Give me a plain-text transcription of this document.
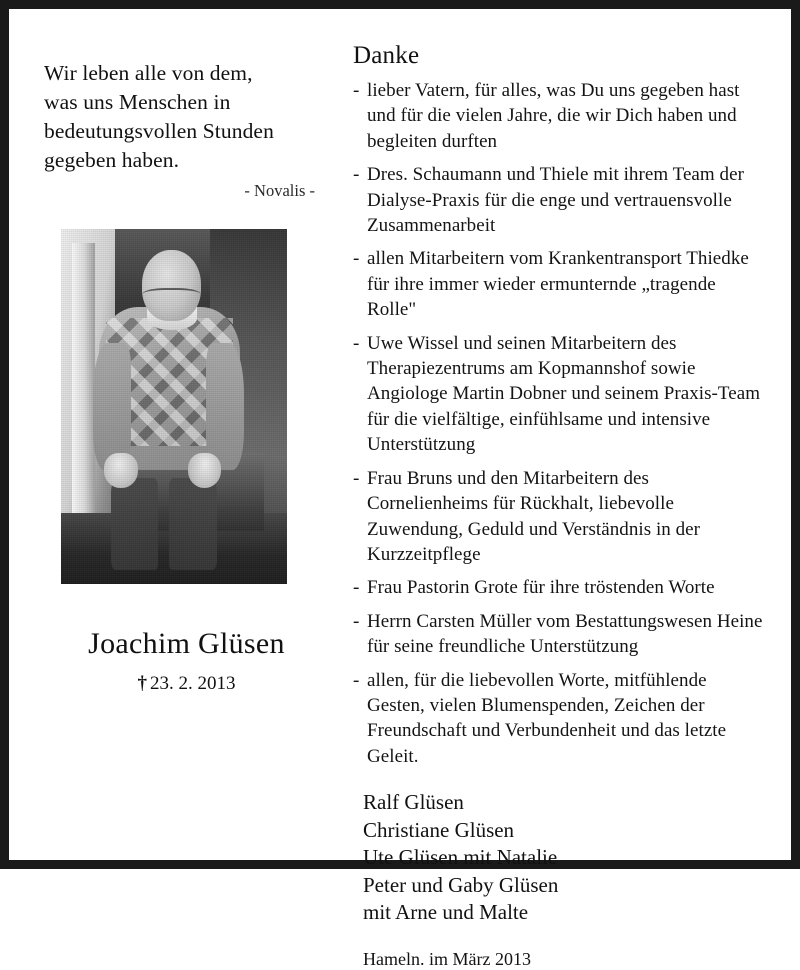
Wir leben alle von dem,
was uns Menschen in
bedeutungsvollen Stunden
gegeben haben.
- Novalis -
Joachim Glüsen
† 23. 2. 2013
Danke
- lieber Vatern, für alles, was Du uns gegeben hast und für die vielen Jahre, die wir Dich haben und begleiten durften
- Dres. Schaumann und Thiele mit ihrem Team der Dialyse-Praxis für die enge und vertrauensvolle Zusammenarbeit
- allen Mitarbeitern vom Krankentransport Thiedke für ihre immer wieder ermunternde „tragende Rolle"
- Uwe Wissel und seinen Mitarbeitern des Therapiezentrums am Kopmannshof sowie Angiologe Martin Dobner und seinem Praxis-Team für die vielfältige, einfühlsame und intensive Unterstützung
- Frau Bruns und den Mitarbeitern des Cornelienheims für Rückhalt, liebevolle Zuwendung, Geduld und Verständnis in der Kurzzeitpflege
- Frau Pastorin Grote für ihre tröstenden Worte
- Herrn Carsten Müller vom Bestattungswesen Heine für seine freundliche Unterstützung
- allen, für die liebevollen Worte, mitfühlende Gesten, vielen Blumenspenden, Zeichen der Freundschaft und Verbundenheit und das letzte Geleit.
Ralf Glüsen
Christiane Glüsen
Ute Glüsen mit Natalie
Peter und Gaby Glüsen
mit Arne und Malte
Hameln. im März 2013
